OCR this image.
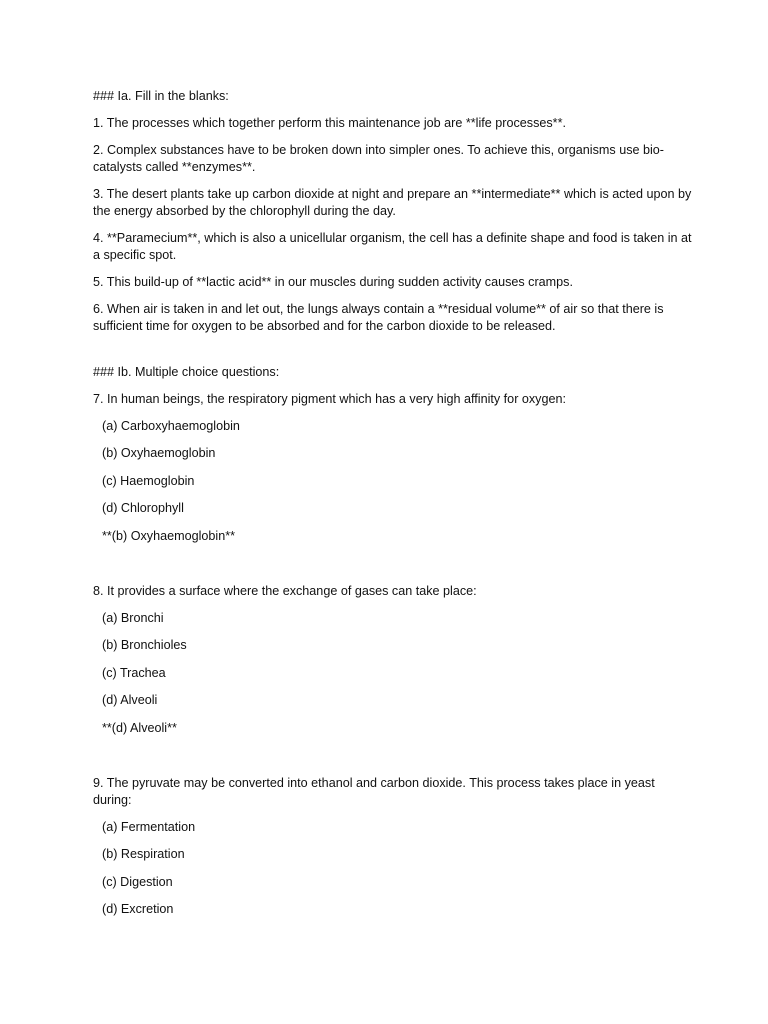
### Ia. Fill in the blanks:

1. The processes which together perform this maintenance job are **life processes**.

2. Complex substances have to be broken down into simpler ones. To achieve this, organisms use bio-catalysts called **enzymes**.

3. The desert plants take up carbon dioxide at night and prepare an **intermediate** which is acted upon by the energy absorbed by the chlorophyll during the day.

4. **Paramecium**, which is also a unicellular organism, the cell has a definite shape and food is taken in at a specific spot.

5. This build-up of **lactic acid** in our muscles during sudden activity causes cramps.

6. When air is taken in and let out, the lungs always contain a **residual volume** of air so that there is sufficient time for oxygen to be absorbed and for the carbon dioxide to be released.

### Ib. Multiple choice questions:

7. In human beings, the respiratory pigment which has a very high affinity for oxygen:

(a) Carboxyhaemoglobin

(b) Oxyhaemoglobin

(c) Haemoglobin

(d) Chlorophyll

**(b) Oxyhaemoglobin**

8. It provides a surface where the exchange of gases can take place:

(a) Bronchi

(b) Bronchioles

(c) Trachea

(d) Alveoli

**(d) Alveoli**

9. The pyruvate may be converted into ethanol and carbon dioxide. This process takes place in yeast during:

(a) Fermentation

(b) Respiration

(c) Digestion

(d) Excretion
